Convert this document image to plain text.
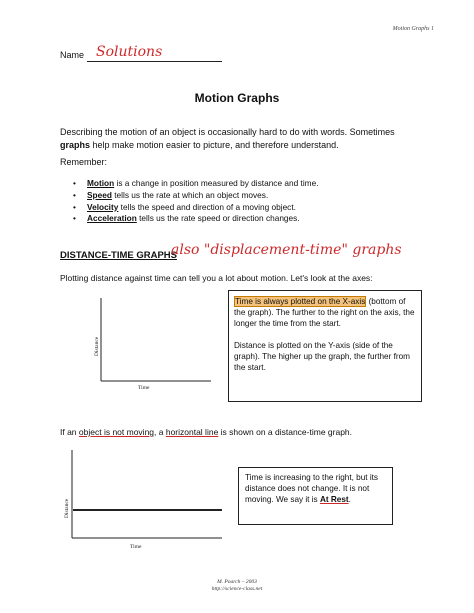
Motion Graphs 1
Name Solutions
Motion Graphs
Describing the motion of an object is occasionally hard to do with words. Sometimes graphs help make motion easier to picture, and therefore understand.
Remember:
• Motion is a change in position measured by distance and time.
• Speed tells us the rate at which an object moves.
• Velocity tells the speed and direction of a moving object.
• Acceleration tells us the rate speed or direction changes.
DISTANCE-TIME GRAPHS
also "displacement-time" graphs
Plotting distance against time can tell you a lot about motion. Let's look at the axes:
Distance
Time

Time is always plotted on the X-axis (bottom of the graph). The further to the right on the axis, the longer the time from the start.

Distance is plotted on the Y-axis (side of the graph). The higher up the graph, the further from the start.

If an object is not moving, a horizontal line is shown on a distance-time graph.
Distance
Time
Time is increasing to the right, but its distance does not change. It is not moving. We say it is At Rest.
M. Poarch – 2003
http://science-class.net
